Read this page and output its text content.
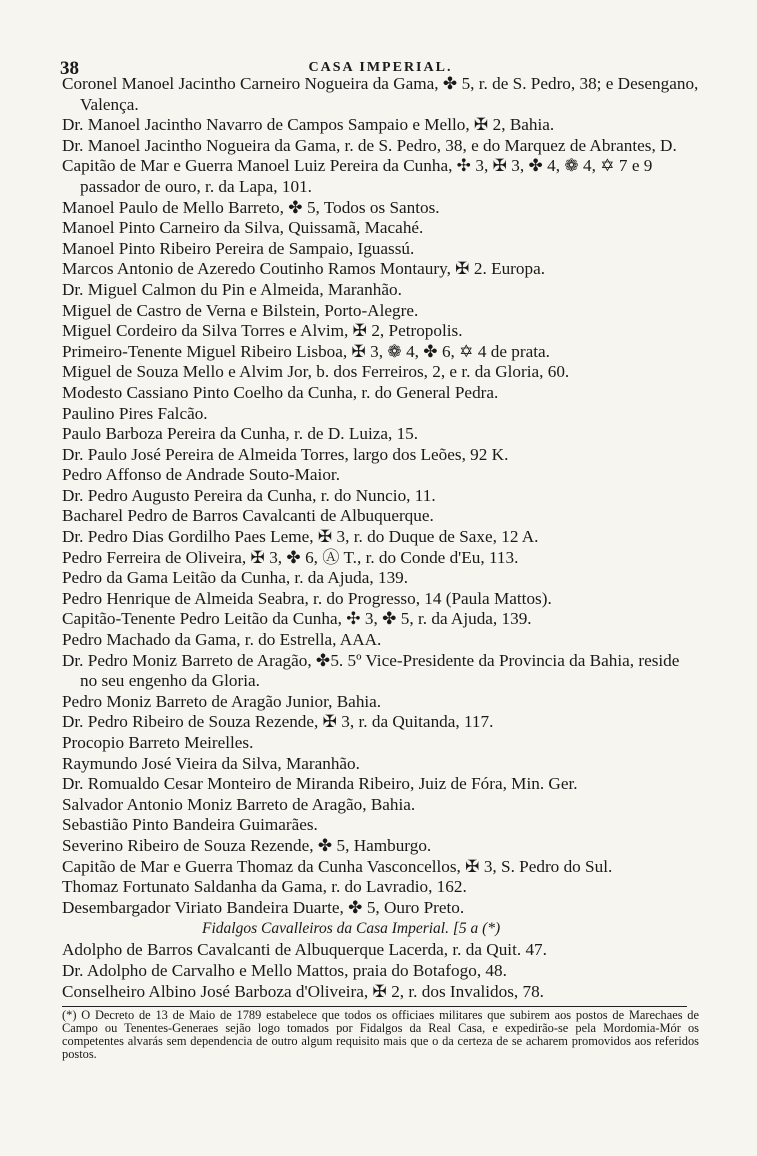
38	CASA IMPERIAL.
Coronel Manoel Jacintho Carneiro Nogueira da Gama, ✤ 5, r. de S. Pedro, 38; e Desengano, Valença.
Dr. Manoel Jacintho Navarro de Campos Sampaio e Mello, ✠ 2, Bahia.
Dr. Manoel Jacintho Nogueira da Gama, r. de S. Pedro, 38, e do Marquez de Abrantes, D.
Capitão de Mar e Guerra Manoel Luiz Pereira da Cunha, ✣ 3, ✠ 3, ✤ 4, ❁ 4, ✡ 7 e 9 passador de ouro, r. da Lapa, 101.
Manoel Paulo de Mello Barreto, ✤ 5, Todos os Santos.
Manoel Pinto Carneiro da Silva, Quissamã, Macahé.
Manoel Pinto Ribeiro Pereira de Sampaio, Iguassú.
Marcos Antonio de Azeredo Coutinho Ramos Montaury, ✠ 2. Europa.
Dr. Miguel Calmon du Pin e Almeida, Maranhão.
Miguel de Castro de Verna e Bilstein, Porto-Alegre.
Miguel Cordeiro da Silva Torres e Alvim, ✠ 2, Petropolis.
Primeiro-Tenente Miguel Ribeiro Lisboa, ✠ 3, ❁ 4, ✤ 6, ✡ 4 de prata.
Miguel de Souza Mello e Alvim Jor, b. dos Ferreiros, 2, e r. da Gloria, 60.
Modesto Cassiano Pinto Coelho da Cunha, r. do General Pedra.
Paulino Pires Falcão.
Paulo Barboza Pereira da Cunha, r. de D. Luiza, 15.
Dr. Paulo José Pereira de Almeida Torres, largo dos Leões, 92 K.
Pedro Affonso de Andrade Souto-Maior.
Dr. Pedro Augusto Pereira da Cunha, r. do Nuncio, 11.
Bacharel Pedro de Barros Cavalcanti de Albuquerque.
Dr. Pedro Dias Gordilho Paes Leme, ✠ 3, r. do Duque de Saxe, 12 A.
Pedro Ferreira de Oliveira, ✠ 3, ✤ 6, Ⓐ T., r. do Conde d'Eu, 113.
Pedro da Gama Leitão da Cunha, r. da Ajuda, 139.
Pedro Henrique de Almeida Seabra, r. do Progresso, 14 (Paula Mattos).
Capitão-Tenente Pedro Leitão da Cunha, ✣ 3, ✤ 5, r. da Ajuda, 139.
Pedro Machado da Gama, r. do Estrella, AAA.
Dr. Pedro Moniz Barreto de Aragão, ✤5. 5º Vice-Presidente da Provincia da Bahia, reside no seu engenho da Gloria.
Pedro Moniz Barreto de Aragão Junior, Bahia.
Dr. Pedro Ribeiro de Souza Rezende, ✠ 3, r. da Quitanda, 117.
Procopio Barreto Meirelles.
Raymundo José Vieira da Silva, Maranhão.
Dr. Romualdo Cesar Monteiro de Miranda Ribeiro, Juiz de Fóra, Min. Ger.
Salvador Antonio Moniz Barreto de Aragão, Bahia.
Sebastião Pinto Bandeira Guimarães.
Severino Ribeiro de Souza Rezende, ✤ 5, Hamburgo.
Capitão de Mar e Guerra Thomaz da Cunha Vasconcellos, ✠ 3, S. Pedro do Sul.
Thomaz Fortunato Saldanha da Gama, r. do Lavradio, 162.
Desembargador Viriato Bandeira Duarte, ✤ 5, Ouro Preto.
Fidalgos Cavalleiros da Casa Imperial. [5 a (*)
Adolpho de Barros Cavalcanti de Albuquerque Lacerda, r. da Quit. 47.
Dr. Adolpho de Carvalho e Mello Mattos, praia do Botafogo, 48.
Conselheiro Albino José Barboza d'Oliveira, ✠ 2, r. dos Invalidos, 78.
(*) O Decreto de 13 de Maio de 1789 estabelece que todos os officiaes militares que subirem aos postos de Marechaes de Campo ou Tenentes-Generaes sejão logo tomados por Fidalgos da Real Casa, e expedirão-se pela Mordomia-Mór os competentes alvarás sem dependencia de outro algum requisito mais que o da certeza de se acharem promovidos aos referidos postos.
